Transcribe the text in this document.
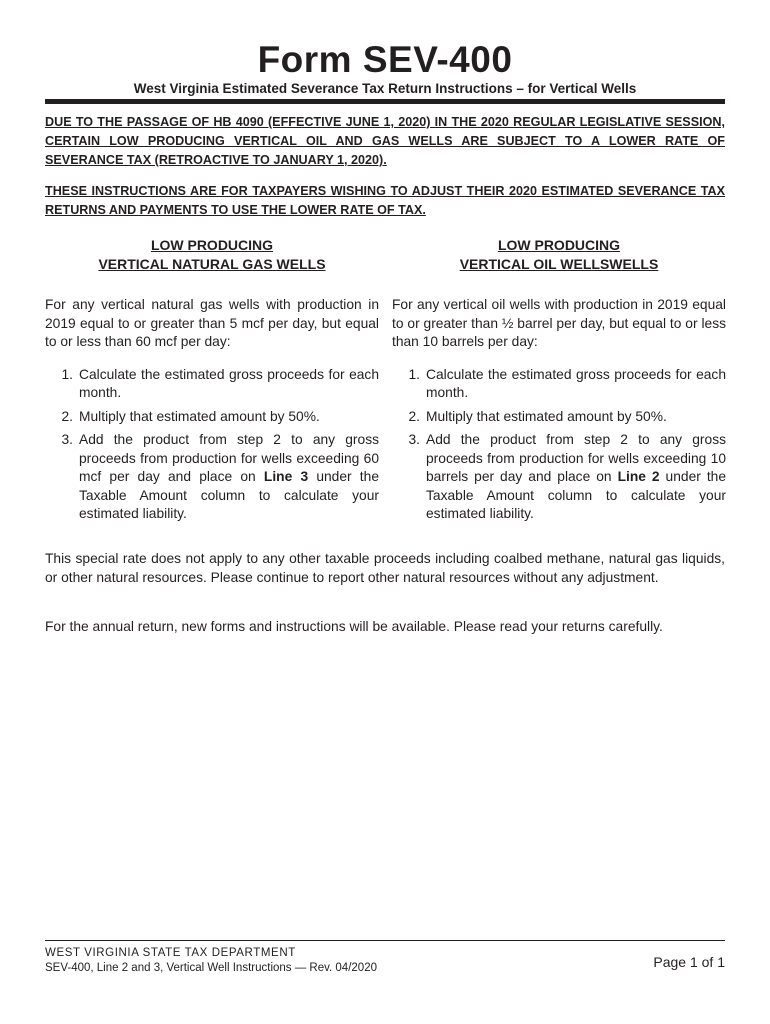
Form SEV-400
West Virginia Estimated Severance Tax Return Instructions – for Vertical Wells
DUE TO THE PASSAGE OF HB 4090 (EFFECTIVE JUNE 1, 2020) IN THE 2020 REGULAR LEGISLATIVE SESSION, CERTAIN LOW PRODUCING VERTICAL OIL AND GAS WELLS ARE SUBJECT TO A LOWER RATE OF SEVERANCE TAX (RETROACTIVE TO JANUARY 1, 2020).
THESE INSTRUCTIONS ARE FOR TAXPAYERS WISHING TO ADJUST THEIR 2020 ESTIMATED SEVERANCE TAX RETURNS AND PAYMENTS TO USE THE LOWER RATE OF TAX.

LOW PRODUCING
VERTICAL NATURAL GAS WELLS

For any vertical natural gas wells with production in 2019 equal to or greater than 5 mcf per day, but equal to or less than 60 mcf per day:
1. Calculate the estimated gross proceeds for each month.
2. Multiply that estimated amount by 50%.
3. Add the product from step 2 to any gross proceeds from production for wells exceeding 60 mcf per day and place on Line 3 under the Taxable Amount column to calculate your estimated liability.

LOW PRODUCING
VERTICAL OIL WELLSWELLS

For any vertical oil wells with production in 2019 equal to or greater than ½ barrel per day, but equal to or less than 10 barrels per day:
1. Calculate the estimated gross proceeds for each month.
2. Multiply that estimated amount by 50%.
3. Add the product from step 2 to any gross proceeds from production for wells exceeding 10 barrels per day and place on Line 2 under the Taxable Amount column to calculate your estimated liability.
This special rate does not apply to any other taxable proceeds including coalbed methane, natural gas liquids, or other natural resources. Please continue to report other natural resources without any adjustment.
For the annual return, new forms and instructions will be available. Please read your returns carefully.
WEST VIRGINIA STATE TAX DEPARTMENT
SEV-400, Line 2 and 3, Vertical Well Instructions — Rev. 04/2020	Page 1 of 1
